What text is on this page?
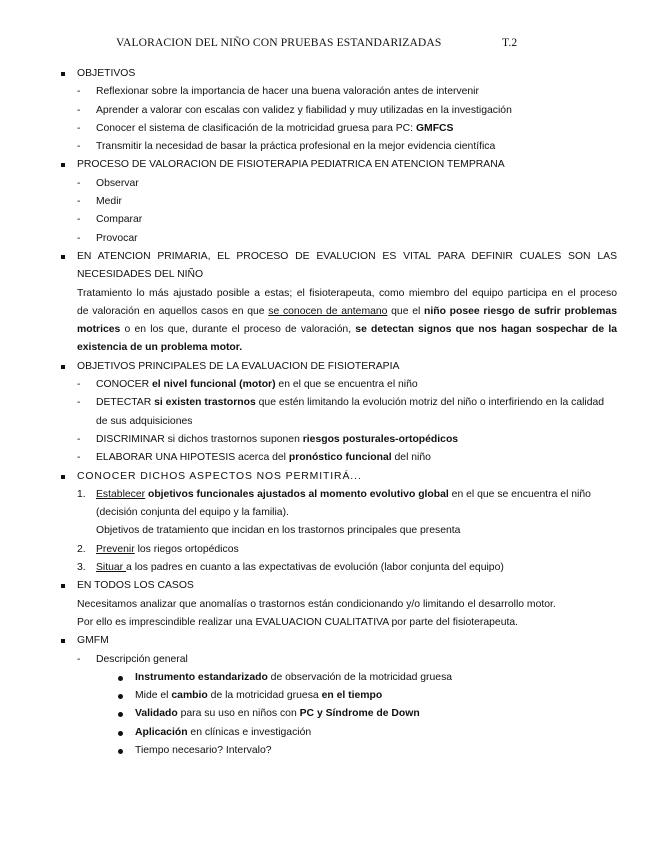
VALORACION DEL NIÑO CON PRUEBAS ESTANDARIZADAS	T.2
OBJETIVOS
- Reflexionar sobre la importancia de hacer una buena valoración antes de intervenir
- Aprender a valorar con escalas con validez y fiabilidad y muy utilizadas en la investigación
- Conocer el sistema de clasificación de la motricidad gruesa para PC: GMFCS
- Transmitir la necesidad de basar la práctica profesional en la mejor evidencia científica
PROCESO DE VALORACION DE FISIOTERAPIA PEDIATRICA EN ATENCION TEMPRANA
- Observar
- Medir
- Comparar
- Provocar
EN ATENCION PRIMARIA, EL PROCESO DE EVALUCION ES VITAL PARA DEFINIR CUALES SON LAS
NECESIDADES DEL NIÑO
Tratamiento lo más ajustado posible a estas; el fisioterapeuta, como miembro del equipo participa en el proceso
de valoración en aquellos casos en que se conocen de antemano que el niño posee riesgo de sufrir problemas
motrices o en los que, durante el proceso de valoración, se detectan signos que nos hagan sospechar de la
existencia de un problema motor.
OBJETIVOS PRINCIPALES DE LA EVALUACION DE FISIOTERAPIA
- CONOCER el nivel funcional (motor) en el que se encuentra el niño
- DETECTAR si existen trastornos que estén limitando la evolución motriz del niño o interfiriendo en la calidad
de sus adquisiciones
- DISCRIMINAR si dichos trastornos suponen riesgos posturales-ortopédicos
- ELABORAR UNA HIPOTESIS acerca del pronóstico funcional del niño
CONOCER DICHOS ASPECTOS NOS PERMITIRÁ...
1. Establecer objetivos funcionales ajustados al momento evolutivo global en el que se encuentra el niño
(decisión conjunta del equipo y la familia).
Objetivos de tratamiento que incidan en los trastornos principales que presenta
2. Prevenir los riegos ortopédicos
3. Situar a los padres en cuanto a las expectativas de evolución (labor conjunta del equipo)
EN TODOS LOS CASOS
Necesitamos analizar que anomalías o trastornos están condicionando y/o limitando el desarrollo motor.
Por ello es imprescindible realizar una EVALUACION CUALITATIVA por parte del fisioterapeuta.
GMFM
- Descripción general
Instrumento estandarizado de observación de la motricidad gruesa
Mide el cambio de la motricidad gruesa en el tiempo
Validado para su uso en niños con PC y Síndrome de Down
Aplicación en clínicas e investigación
Tiempo necesario? Intervalo?
